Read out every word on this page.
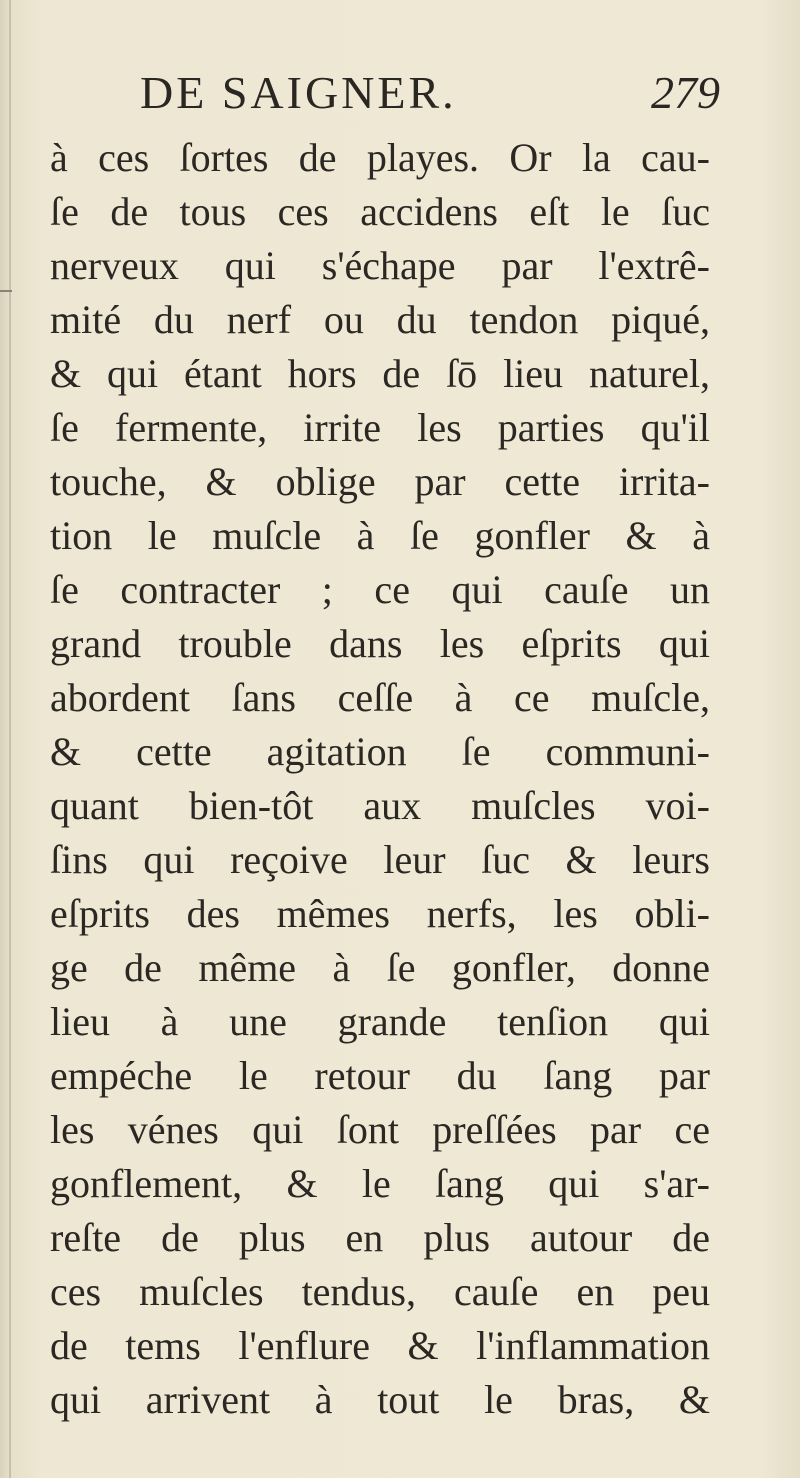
DE SAIGNER.	279
à ces ſortes de playes. Or la cau-
ſe de tous ces accidens eſt le ſuc
nerveux qui s'échape par l'extrê-
mité du nerf ou du tendon piqué,
& qui étant hors de ſō lieu naturel,
ſe fermente, irrite les parties qu'il
touche, & oblige par cette irrita-
tion le muſcle à ſe gonfler & à
ſe contracter ; ce qui cauſe un
grand trouble dans les eſprits qui
abordent ſans ceſſe à ce muſcle,
& cette agitation ſe communi-
quant bien-tôt aux muſcles voi-
ſins qui reçoive leur ſuc & leurs
eſprits des mêmes nerfs, les obli-
ge de même à ſe gonfler, donne
lieu à une grande tenſion qui
empéche le retour du ſang par
les vénes qui ſont preſſées par ce
gonflement, & le ſang qui s'ar-
reſte de plus en plus autour de
ces muſcles tendus, cauſe en peu
de tems l'enflure & l'inflammation
qui arrivent à tout le bras, &
